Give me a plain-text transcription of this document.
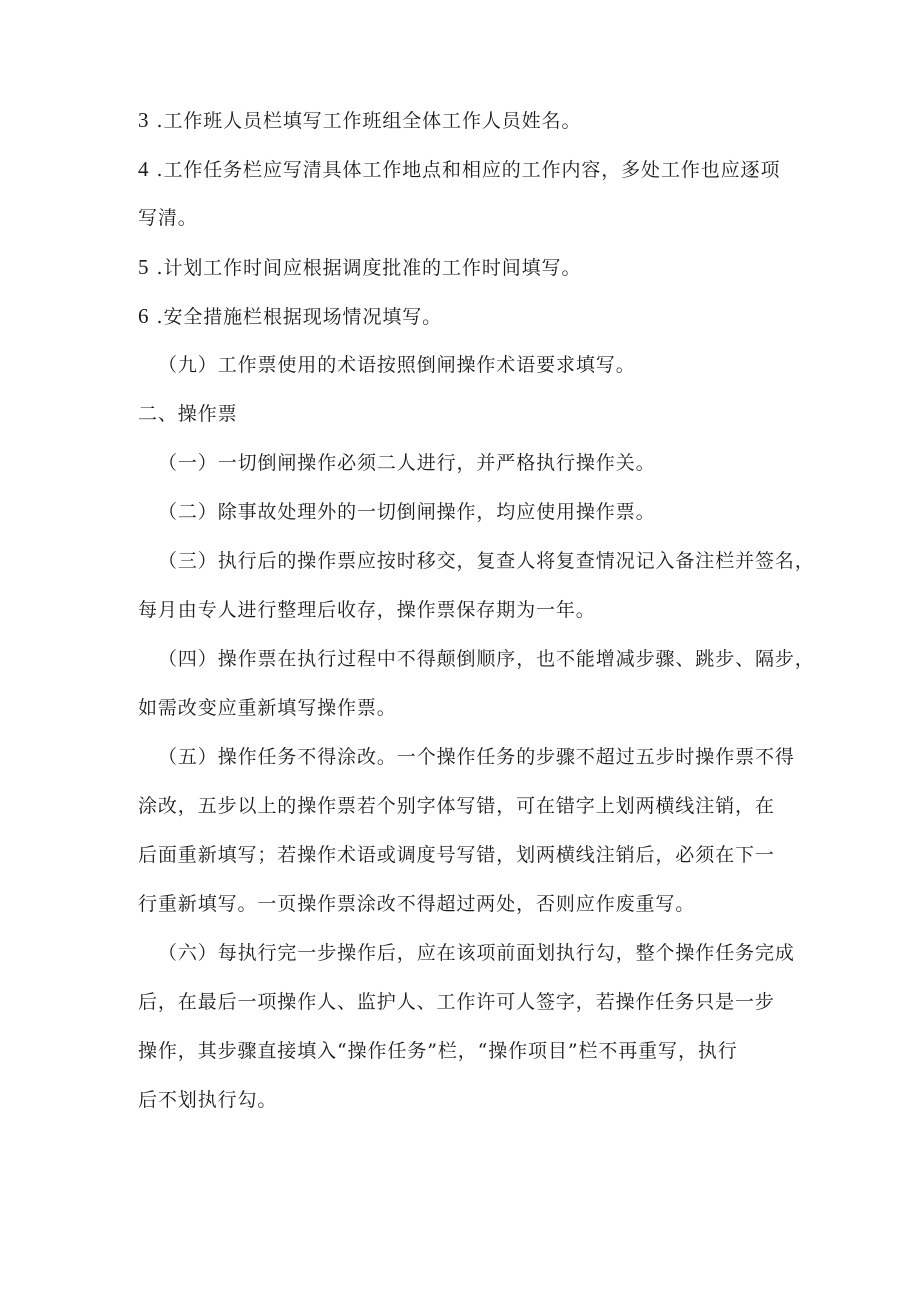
3 .工作班人员栏填写工作班组全体工作人员姓名。
4 .工作任务栏应写清具体工作地点和相应的工作内容，多处工作也应逐项
写清。
5 .计划工作时间应根据调度批准的工作时间填写。
6 .安全措施栏根据现场情况填写。
（九）工作票使用的术语按照倒闸操作术语要求填写。
二、操作票
（一）一切倒闸操作必须二人进行，并严格执行操作关。
（二）除事故处理外的一切倒闸操作，均应使用操作票。
（三）执行后的操作票应按时移交，复查人将复查情况记入备注栏并签名，
每月由专人进行整理后收存，操作票保存期为一年。
（四）操作票在执行过程中不得颠倒顺序，也不能增减步骤、跳步、隔步，
如需改变应重新填写操作票。
（五）操作任务不得涂改。一个操作任务的步骤不超过五步时操作票不得
涂改，五步以上的操作票若个别字体写错，可在错字上划两横线注销，在
后面重新填写；若操作术语或调度号写错，划两横线注销后，必须在下一
行重新填写。一页操作票涂改不得超过两处，否则应作废重写。
（六）每执行完一步操作后，应在该项前面划执行勾，整个操作任务完成
后，在最后一项操作人、监护人、工作许可人签字，若操作任务只是一步
操作，其步骤直接填入“操作任务”栏，“操作项目”栏不再重写，执行
后不划执行勾。
